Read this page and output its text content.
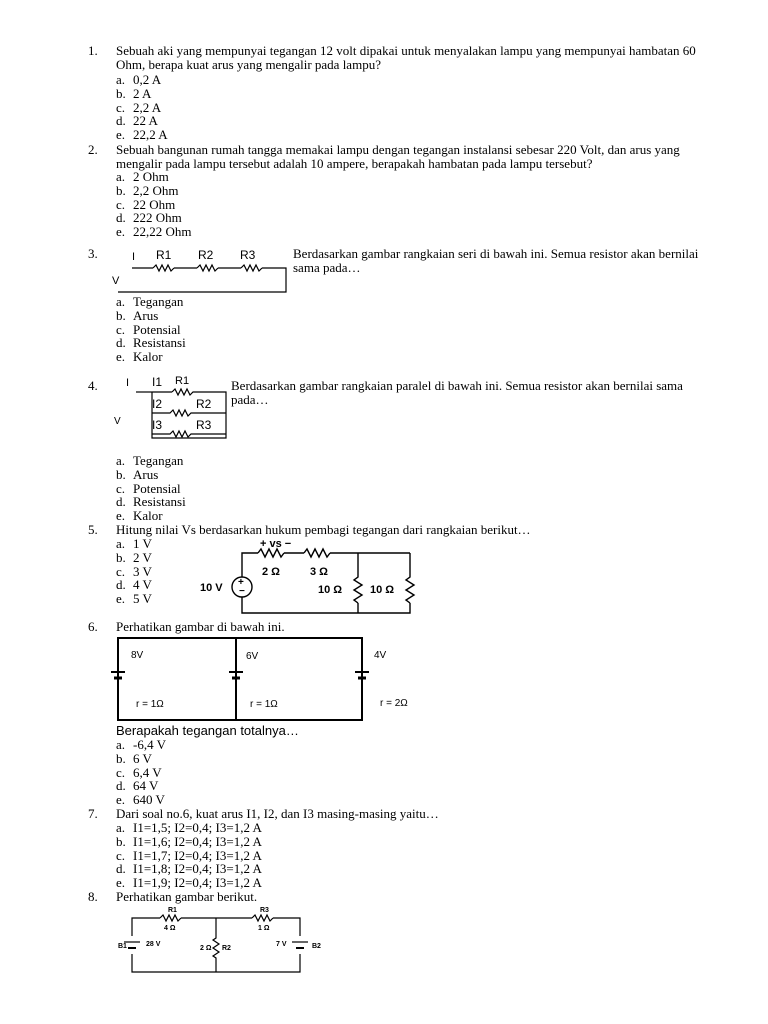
1.	Sebuah aki yang mempunyai tegangan 12 volt dipakai untuk menyalakan lampu yang mempunyai hambatan 60 Ohm, berapa kuat arus yang mengalir pada lampu?
a. 0,2 A
b. 2 A
c. 2,2 A
d. 22 A
e. 22,2 A
2.	Sebuah bangunan rumah tangga memakai lampu dengan tegangan instalansi sebesar 220 Volt, dan arus yang mengalir pada lampu tersebut adalah 10 ampere, berapakah hambatan pada lampu tersebut?
a. 2 Ohm
b. 2,2 Ohm
c. 22 Ohm
d. 222 Ohm
e. 22,22 Ohm
3.	Berdasarkan gambar rangkaian seri di bawah ini. Semua resistor akan bernilai sama pada…
a. Tegangan
b. Arus
c. Potensial
d. Resistansi
e. Kalor
I
V
R1 R2 R3
4.	Berdasarkan gambar rangkaian paralel di bawah ini. Semua resistor akan bernilai sama pada…
a. Tegangan
b. Arus
c. Potensial
d. Resistansi
e. Kalor
I
V
I1 R1
I2	R2
I3	R3
5.	Hitung nilai Vs berdasarkan hukum pembagi tegangan dari rangkaian berikut…
a. 1 V
b. 2 V
c. 3 V
d. 4 V
e. 5 V
+
−
10 V
+ vs −
2 Ω	3 Ω
10 Ω	10 Ω
6.	Perhatikan gambar di bawah ini.
Berapakah tegangan totalnya…
a. -6,4 V
b. 6 V
c. 6,4 V
d. 64 V
e. 640 V
8V	6V	4V
r = 1Ω	r = 1Ω	r = 2Ω
7.	Dari soal no.6, kuat arus I1, I2, dan I3 masing-masing yaitu…
a. I1=1,5; I2=0,4; I3=1,2 A
b. I1=1,6; I2=0,4; I3=1,2 A
c. I1=1,7; I2=0,4; I3=1,2 A
d. I1=1,8; I2=0,4; I3=1,2 A
e. I1=1,9; I2=0,4; I3=1,2 A
8.	Perhatikan gambar berikut.
R1
4 Ω
R3
1 Ω
B1	28 V
2 Ω R2
7 V	B2
